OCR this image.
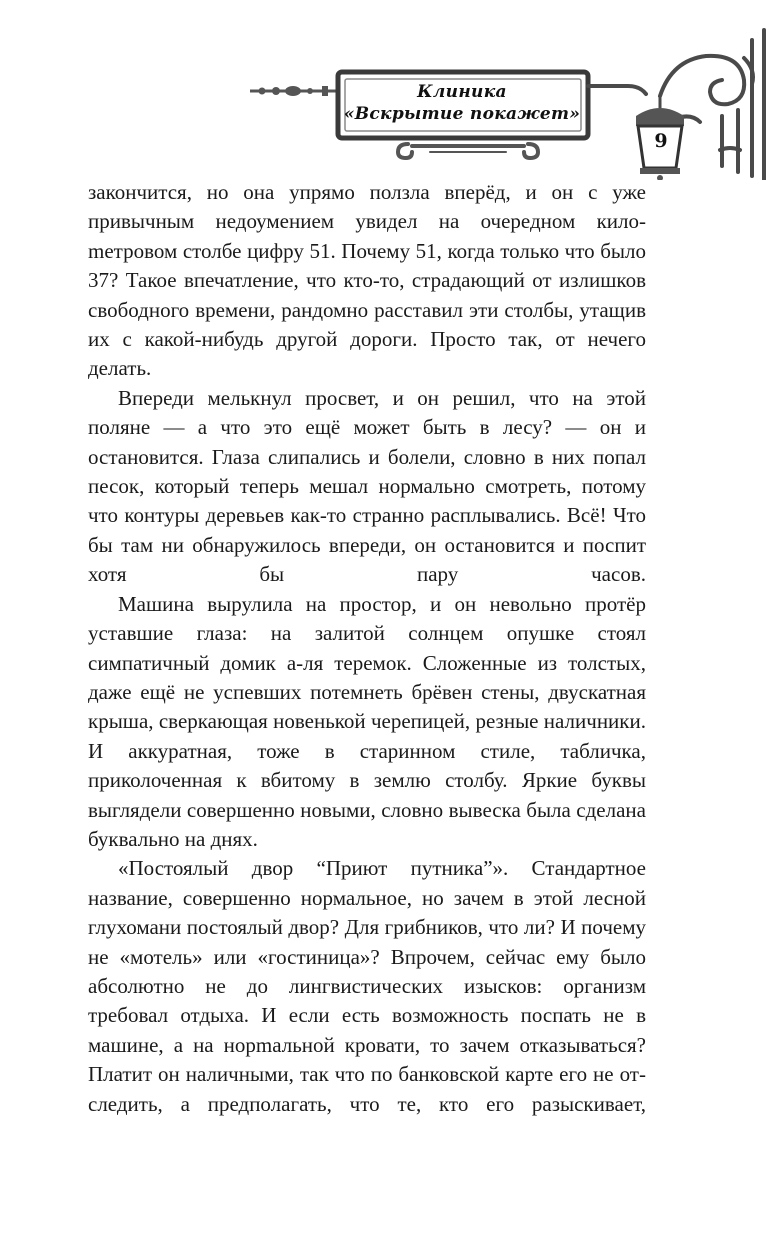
Клиника
«Вскрытие покажет»
9

закончится, но она упрямо ползла вперёд, и он с уже привычным недоумением увидел на очередном килоmетровом столбе цифру 51. Почему 51, когда только что было 37? Такое впечатление, что кто-то, страдающий от излишков свободного времени, рандомно расставил эти столбы, утащив их с какой-нибудь другой дороги. Просто так, от нечего делать.

Впереди мелькнул просвет, и он решил, что на этой поляне — а что это ещё может быть в лесу? — он и остановится. Глаза слипались и болели, словно в них попал песок, который теперь мешал нормально смотреть, потому что контуры деревьев как-то странно расплывались. Всё! Что бы там ни обнаружилось впереди, он остановится и поспит хотя бы пару часов.

Машина вырулила на простор, и он невольно протёр уставшие глаза: на залитой солнцем опушке стоял симпатичный домик а-ля теремок. Сложенные из толстых, даже ещё не успевших потемнеть брёвен стены, двускатная крыша, сверкающая новенькой черепицей, резные наличники. И аккуратная, тоже в старинном стиле, табличка, приколоченная к вбитому в землю столбу. Яркие буквы выглядели совершенно новыми, словно вывеска была сделана буквально на днях.

«Постоялый двор “Приют путника”». Стандартное название, совершенно нормальное, но зачем в этой лесной глухомани постоялый двор? Для грибников, что ли? И почему не «мотель» или «гостиница»? Впрочем, сейчас ему было абсолютно не до лингвистических изысков: организм требовал отдыха. И если есть возможность поспать не в машине, а на норmальной кровати, то зачем отказываться? Платит он наличными, так что по банковской карте его не отследить, а предполагать, что те, кто его разыскивает,
